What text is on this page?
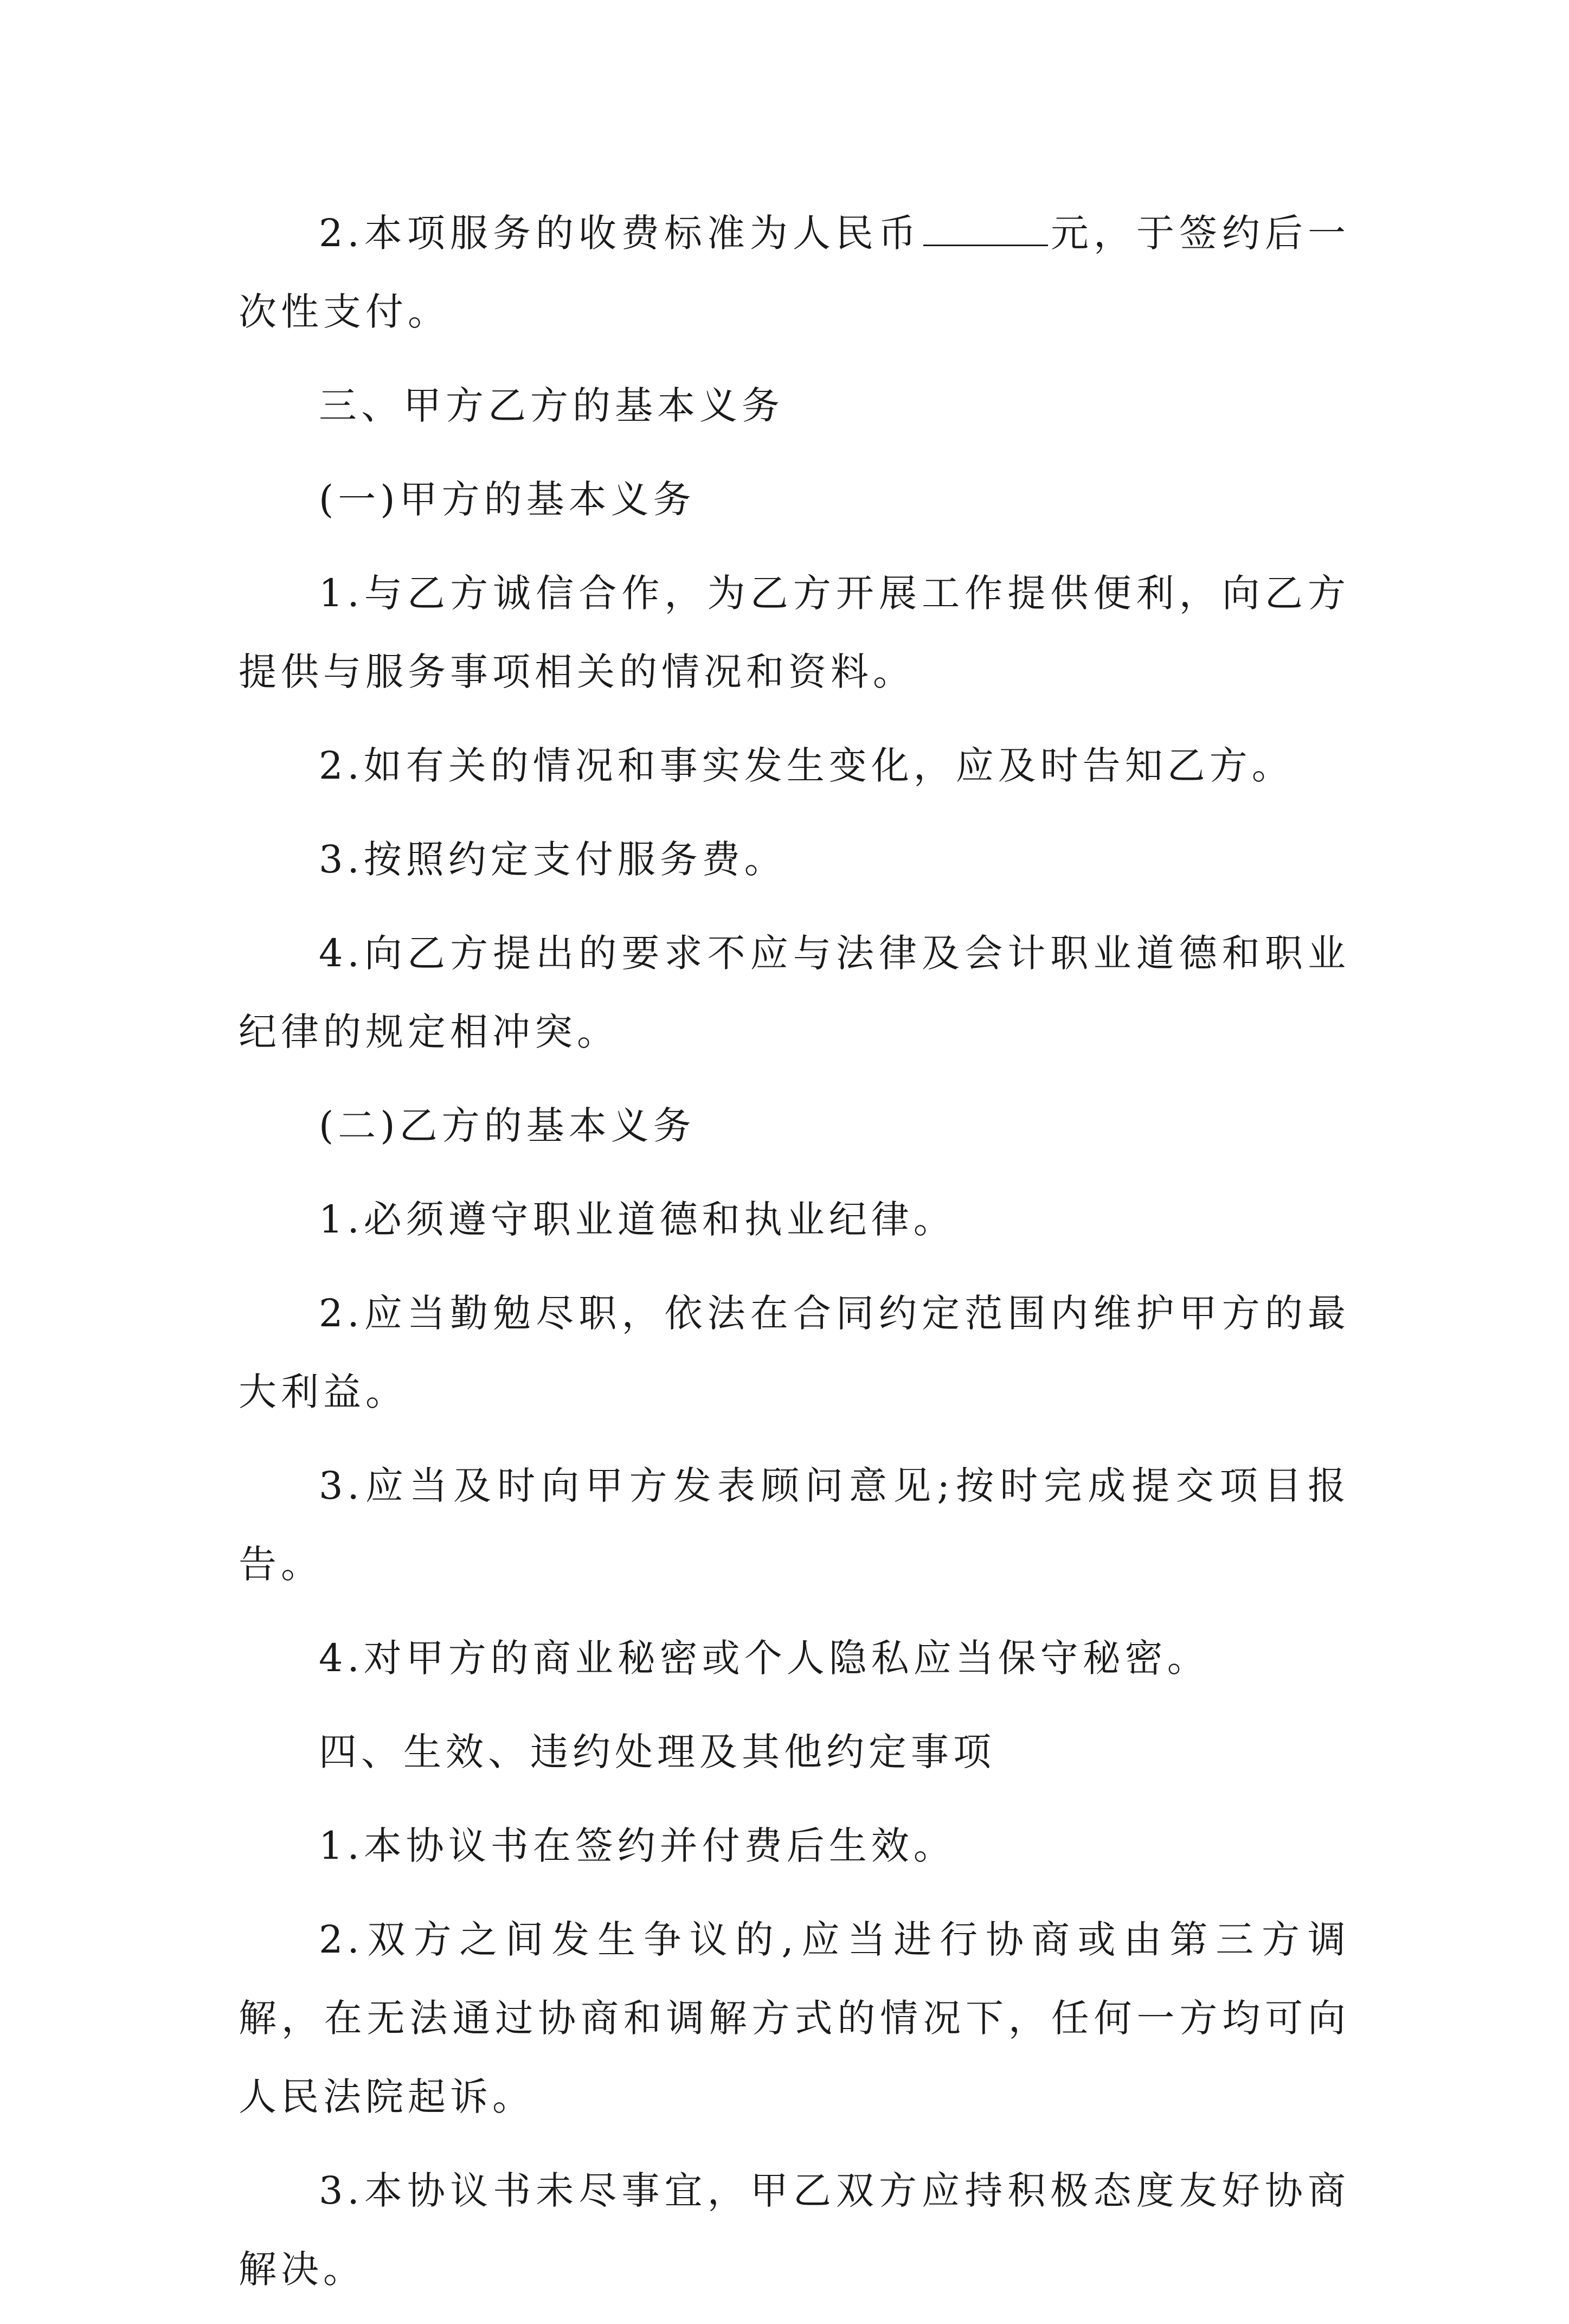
2.本项服务的收费标准为人民币	元，于签约后一次性支付。

三、甲方乙方的基本义务

(一)甲方的基本义务

1.与乙方诚信合作，为乙方开展工作提供便利，向乙方提供与服务事项相关的情况和资料。

2.如有关的情况和事实发生变化，应及时告知乙方。

3.按照约定支付服务费。

4.向乙方提出的要求不应与法律及会计职业道德和职业纪律的规定相冲突。

(二)乙方的基本义务

1.必须遵守职业道德和执业纪律。

2.应当勤勉尽职，依法在合同约定范围内维护甲方的最大利益。

3.应当及时向甲方发表顾问意见;按时完成提交项目报告。

4.对甲方的商业秘密或个人隐私应当保守秘密。

四、生效、违约处理及其他约定事项

1.本协议书在签约并付费后生效。

2.双方之间发生争议的,应当进行协商或由第三方调解，在无法通过协商和调解方式的情况下，任何一方均可向人民法院起诉。

3.本协议书未尽事宜，甲乙双方应持积极态度友好协商解决。
